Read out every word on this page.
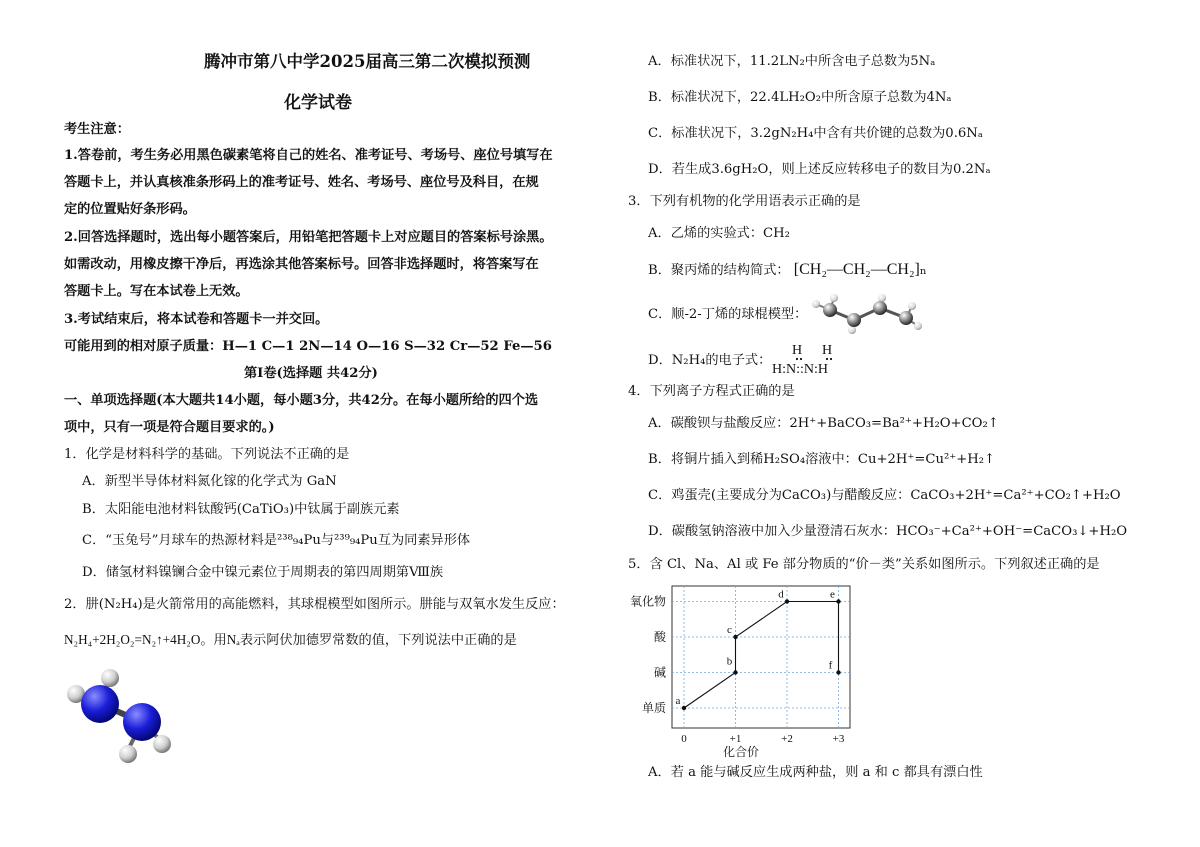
腾冲市第八中学2025届高三第二次模拟预测
化学试卷
考生注意：
1.答卷前，考生务必用黑色碳素笔将自己的姓名、准考证号、考场号、座位号填写在
答题卡上，并认真核准条形码上的准考证号、姓名、考场号、座位号及科目，在规
定的位置贴好条形码。
2.回答选择题时，选出每小题答案后，用铅笔把答题卡上对应题目的答案标号涂黑。
如需改动，用橡皮擦干净后，再选涂其他答案标号。回答非选择题时，将答案写在
答题卡上。写在本试卷上无效。
3.考试结束后，将本试卷和答题卡一并交回。
可能用到的相对原子质量：H—1 C—1 2N—14 O—16 S—32 Cr—52 Fe—56
第Ⅰ卷(选择题 共42分)
一、单项选择题(本大题共14小题，每小题3分，共42分。在每小题所给的四个选
项中，只有一项是符合题目要求的。)
1．化学是材料科学的基础。下列说法不正确的是
A．新型半导体材料氮化镓的化学式为 GaN
B．太阳能电池材料钛酸钙(CaTiO₃)中钛属于副族元素
C．“玉兔号”月球车的热源材料是²³⁸₉₄Pu与²³⁹₉₄Pu互为同素异形体
D．储氢材料镍镧合金中镍元素位于周期表的第四周期第Ⅷ族
2．肼(N₂H₄)是火箭常用的高能燃料，其球棍模型如图所示。肼能与双氧水发生反应：
N₂H₄+2H₂O₂=N₂↑+4H₂O。用Nₐ表示阿伏加德罗常数的值，下列说法中正确的是
A．标准状况下，11.2LN₂中所含电子总数为5Nₐ
B．标准状况下，22.4LH₂O₂中所含原子总数为4Nₐ
C．标准状况下，3.2gN₂H₄中含有共价键的总数为0.6Nₐ
D．若生成3.6gH₂O，则上述反应转移电子的数目为0.2Nₐ
3．下列有机物的化学用语表示正确的是
A．乙烯的实验式：CH₂
B．聚丙烯的结构简式： [CH₂—CH₂—CH₂]ₙ
C．顺-2-丁烯的球棍模型：
D．N₂H₄的电子式：
4．下列离子方程式正确的是
A．碳酸钡与盐酸反应：2H⁺+BaCO₃=Ba²⁺+H₂O+CO₂↑
B．将铜片插入到稀H₂SO₄溶液中：Cu+2H⁺=Cu²⁺+H₂↑
C．鸡蛋壳(主要成分为CaCO₃)与醋酸反应：CaCO₃+2H⁺=Ca²⁺+CO₂↑+H₂O
D．碳酸氢钠溶液中加入少量澄清石灰水：HCO₃⁻+Ca²⁺+OH⁻=CaCO₃↓+H₂O
5．含 Cl、Na、Al 或 Fe 部分物质的“价－类”关系如图所示。下列叙述正确的是
A．若 a 能与碱反应生成两种盐，则 a 和 c 都具有漂白性
H H
H:N::N:H
0	+1	+2	+3
单质
碱
酸
氧化物
化合价
a
b
c
d	e
f
